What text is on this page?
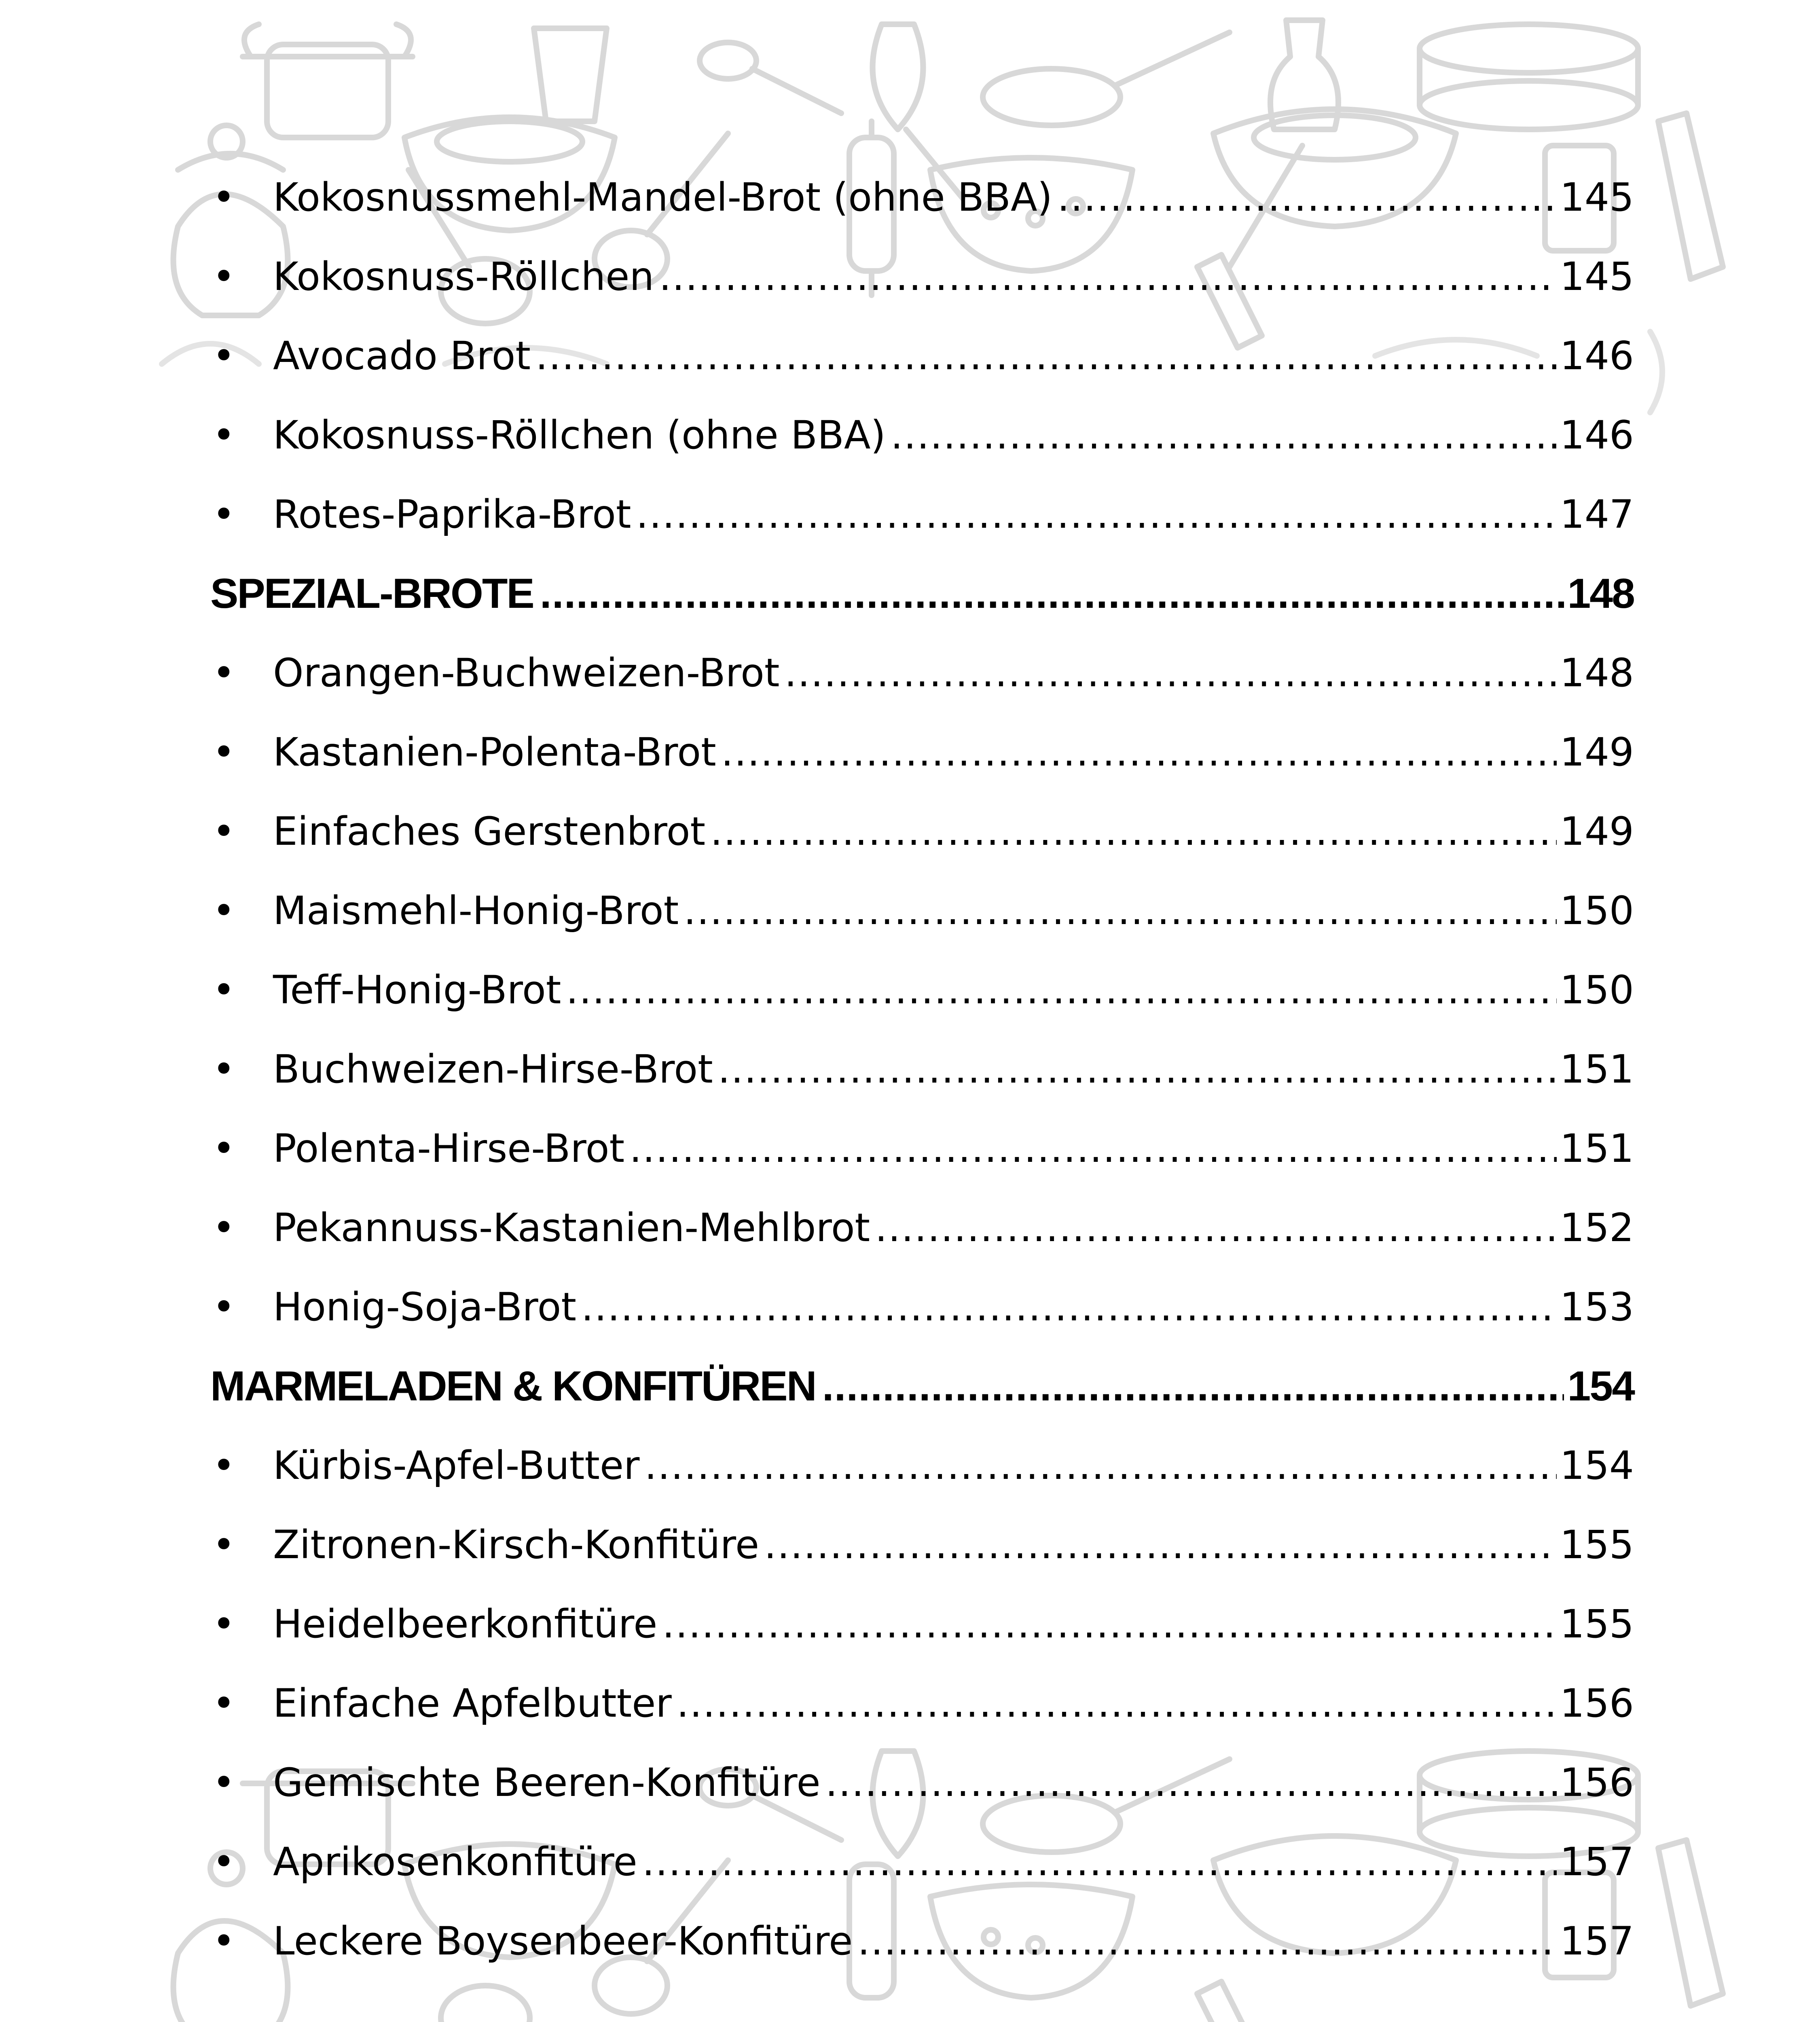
• Kokosnussmehl-Mandel-Brot (ohne BBA) .....	145
• Kokosnuss-Röllchen .....	145
• Avocado Brot .....	146
• Kokosnuss-Röllchen (ohne BBA) .....	146
• Rotes-Paprika-Brot .....	147
SPEZIAL-BROTE .....	148
• Orangen-Buchweizen-Brot .....	148
• Kastanien-Polenta-Brot .....	149
• Einfaches Gerstenbrot .....	149
• Maismehl-Honig-Brot .....	150
• Teff-Honig-Brot .....	150
• Buchweizen-Hirse-Brot .....	151
• Polenta-Hirse-Brot .....	151
• Pekannuss-Kastanien-Mehlbrot .....	152
• Honig-Soja-Brot .....	153
MARMELADEN & KONFITÜREN .....	154
• Kürbis-Apfel-Butter .....	154
• Zitronen-Kirsch-Konfitüre .....	155
• Heidelbeerkonfitüre .....	155
• Einfache Apfelbutter .....	156
• Gemischte Beeren-Konfitüre .....	156
• Aprikosenkonfitüre .....	157
• Leckere Boysenbeer-Konfitüre .....	157
